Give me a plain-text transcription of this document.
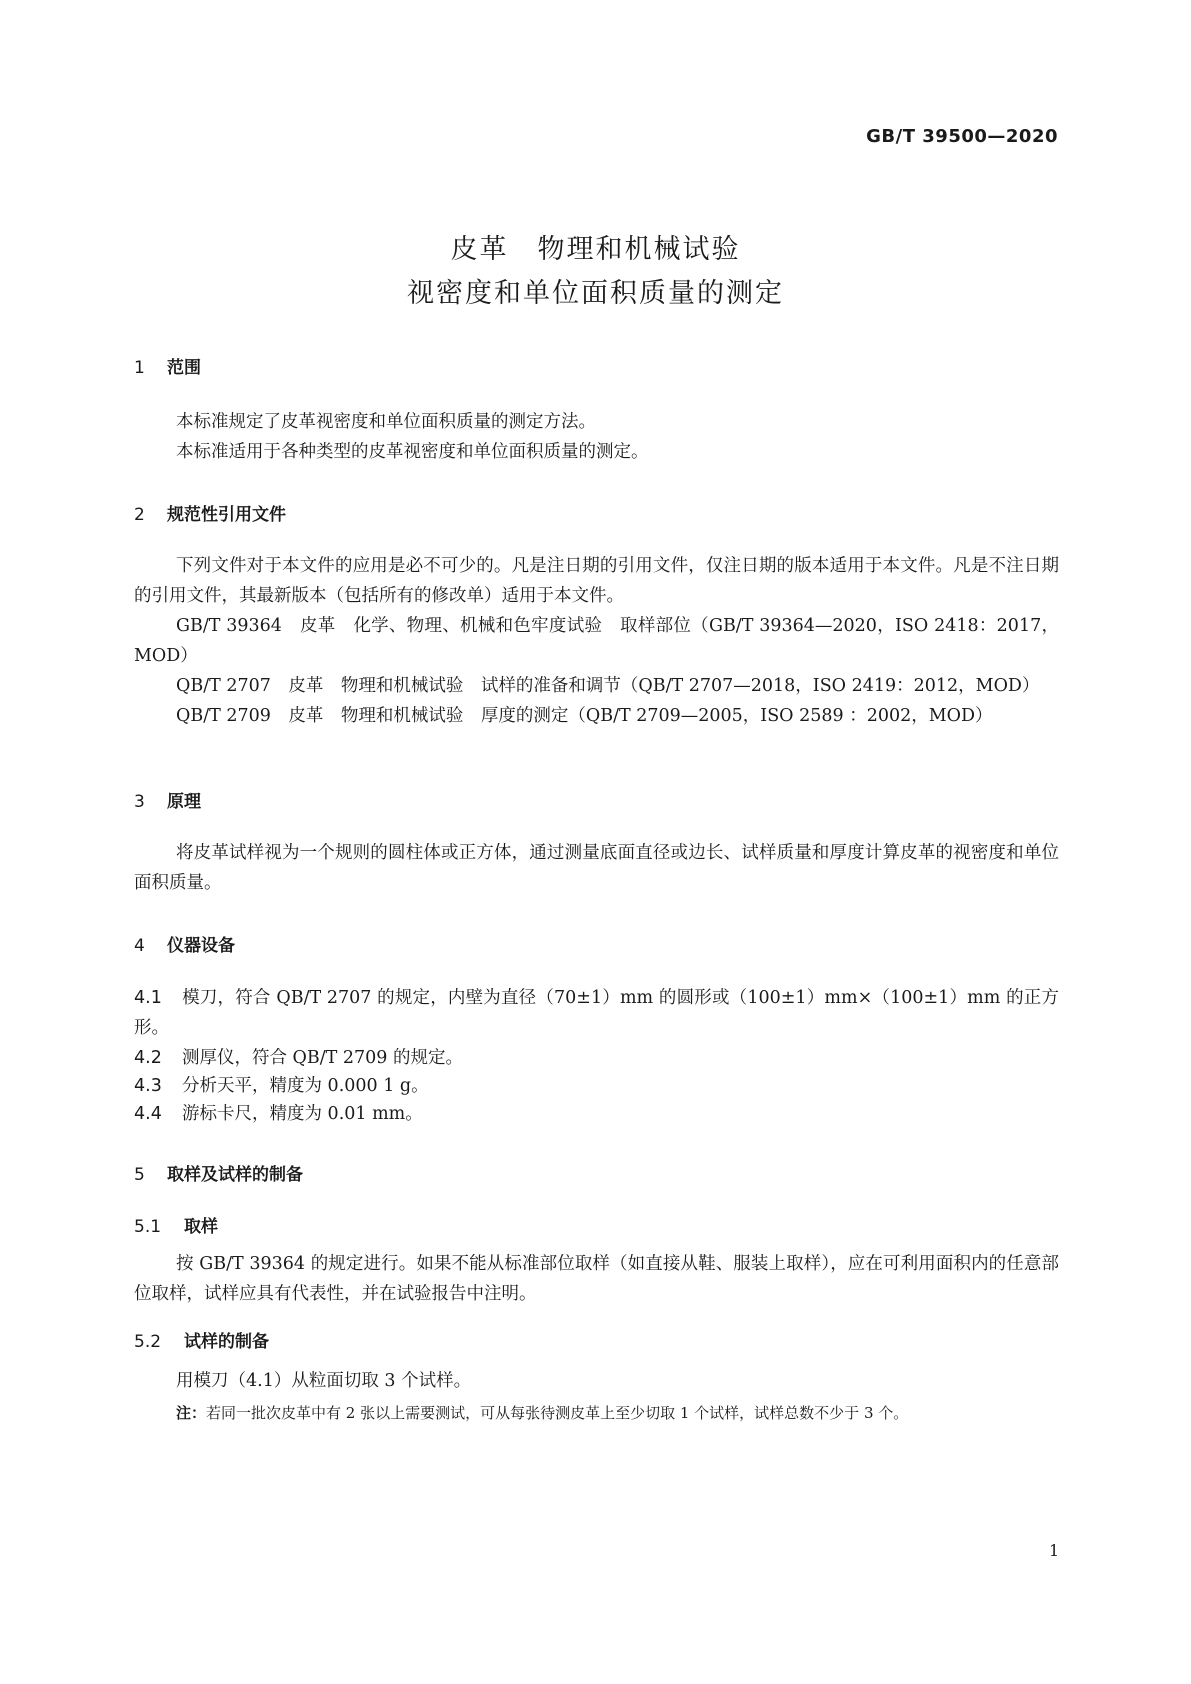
GB/T 39500—2020
皮革　物理和机械试验
视密度和单位面积质量的测定
1 范围
本标准规定了皮革视密度和单位面积质量的测定方法。
本标准适用于各种类型的皮革视密度和单位面积质量的测定。
2 规范性引用文件
下列文件对于本文件的应用是必不可少的。凡是注日期的引用文件，仅注日期的版本适用于本文件。凡是不注日期的引用文件，其最新版本（包括所有的修改单）适用于本文件。
GB/T 39364　皮革　化学、物理、机械和色牢度试验　取样部位（GB/T 39364—2020，ISO 2418：2017，MOD）
QB/T 2707　皮革　物理和机械试验　试样的准备和调节（QB/T 2707—2018，ISO 2419：2012，MOD）
QB/T 2709　皮革　物理和机械试验　厚度的测定（QB/T 2709—2005，ISO 2589 ：2002，MOD）
3 原理
将皮革试样视为一个规则的圆柱体或正方体，通过测量底面直径或边长、试样质量和厚度计算皮革的视密度和单位面积质量。
4 仪器设备
4.1 模刀，符合 QB/T 2707 的规定，内壁为直径（70±1）mm 的圆形或（100±1）mm×（100±1）mm 的正方形。
4.2 测厚仪，符合 QB/T 2709 的规定。
4.3 分析天平，精度为 0.000 1 g。
4.4 游标卡尺，精度为 0.01 mm。
5 取样及试样的制备
5.1 取样
按 GB/T 39364 的规定进行。如果不能从标准部位取样（如直接从鞋、服装上取样），应在可利用面积内的任意部位取样，试样应具有代表性，并在试验报告中注明。
5.2 试样的制备
用模刀（4.1）从粒面切取 3 个试样。
注：若同一批次皮革中有 2 张以上需要测试，可从每张待测皮革上至少切取 1 个试样，试样总数不少于 3 个。
1
